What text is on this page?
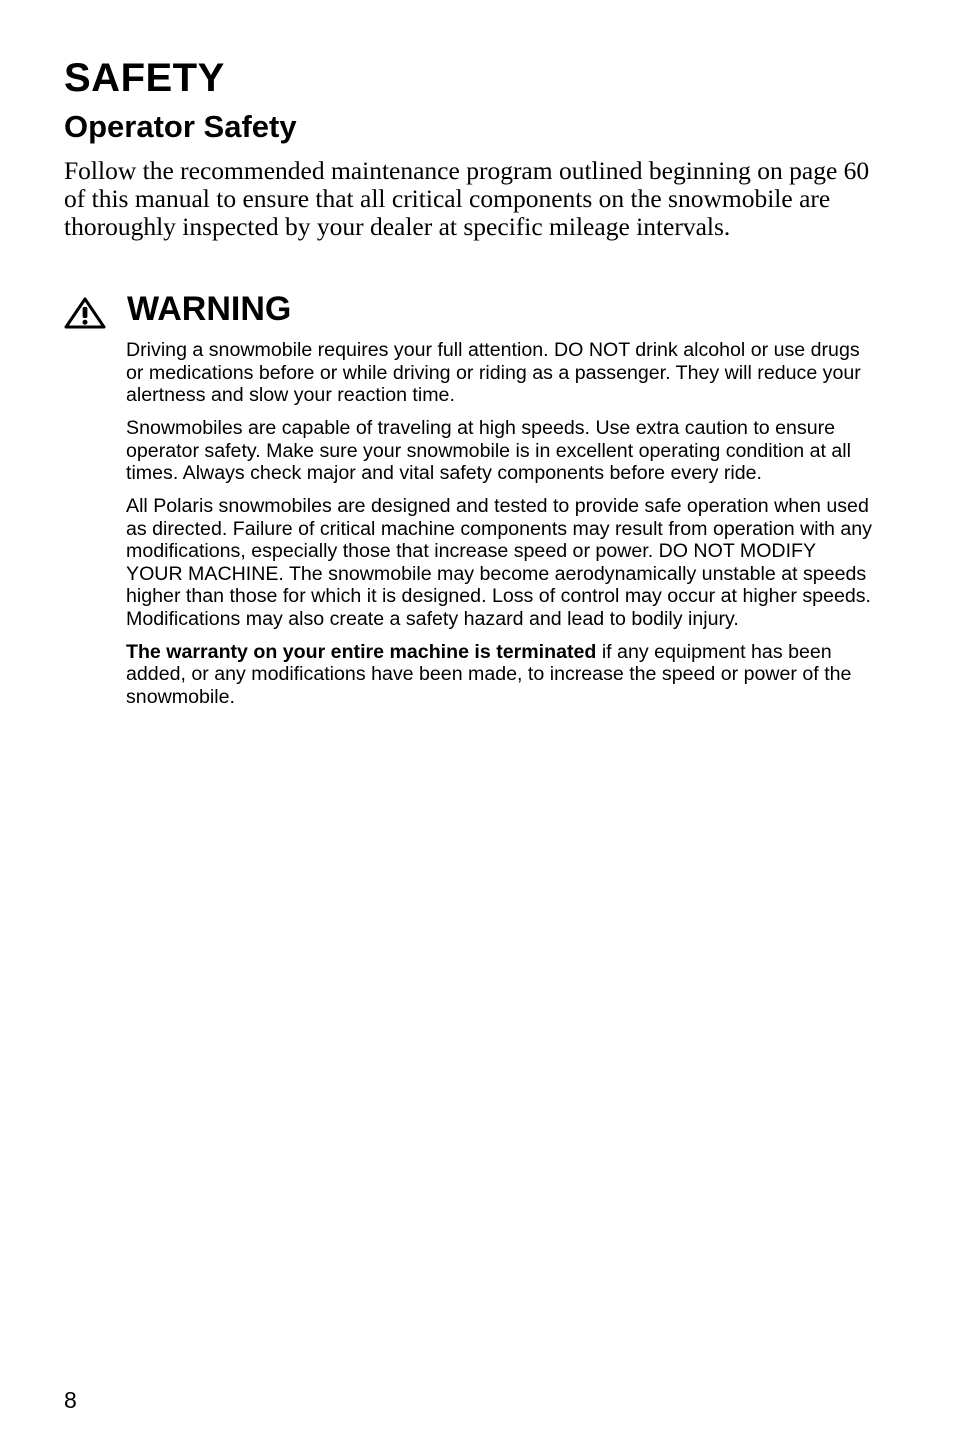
SAFETY
Operator Safety

Follow the recommended maintenance program outlined beginning on page 60 of this manual to ensure that all critical components on the snowmobile are thoroughly inspected by your dealer at specific mileage intervals.

WARNING

Driving a snowmobile requires your full attention. DO NOT drink alcohol or use drugs or medications before or while driving or riding as a passenger. They will reduce your alertness and slow your reaction time.

Snowmobiles are capable of traveling at high speeds. Use extra caution to ensure operator safety. Make sure your snowmobile is in excellent operating condition at all times. Always check major and vital safety components before every ride.

All Polaris snowmobiles are designed and tested to provide safe operation when used as directed. Failure of critical machine components may result from operation with any modifications, especially those that increase speed or power. DO NOT MODIFY YOUR MACHINE. The snowmobile may become aerodynamically unstable at speeds higher than those for which it is designed. Loss of control may occur at higher speeds. Modifications may also create a safety hazard and lead to bodily injury.

The warranty on your entire machine is terminated if any equipment has been added, or any modifications have been made, to increase the speed or power of the snowmobile.

8
